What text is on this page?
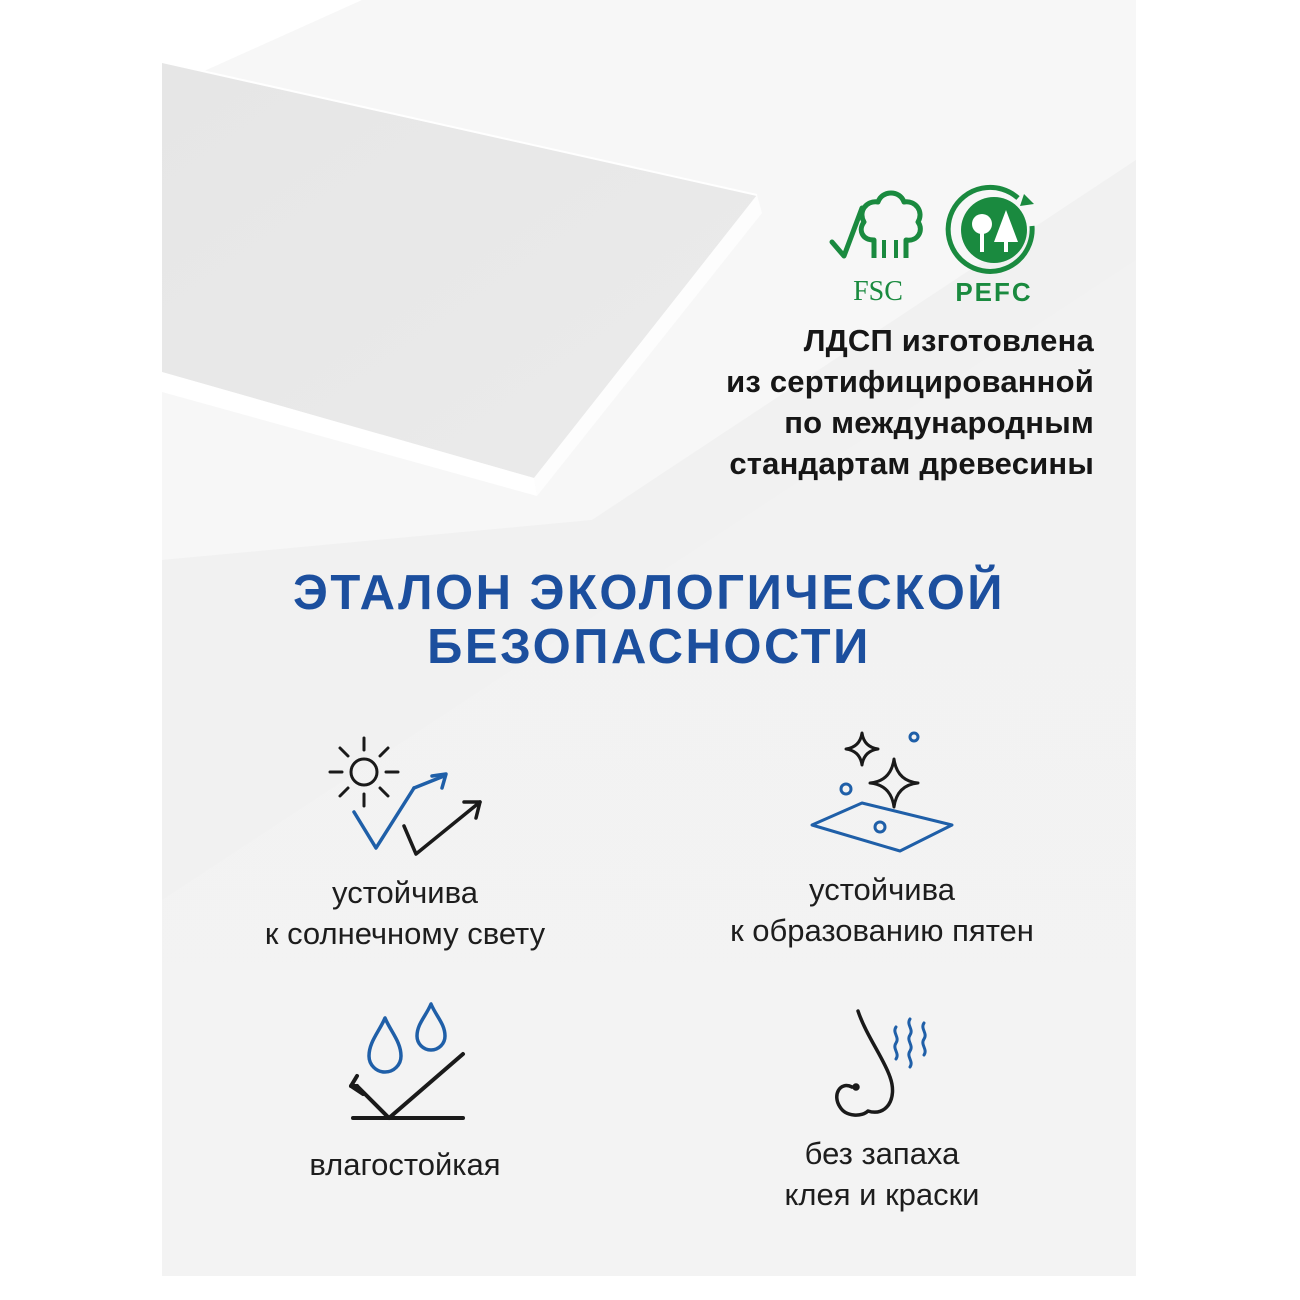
FSC PEFC
ЛДСП изготовлена
из сертифицированной
по международным
стандартам древесины
ЭТАЛОН ЭКОЛОГИЧЕСКОЙ
БЕЗОПАСНОСТИ
устойчива
к солнечному свету
устойчива
к образованию пятен
влагостойкая	без запаха
клея и краски
